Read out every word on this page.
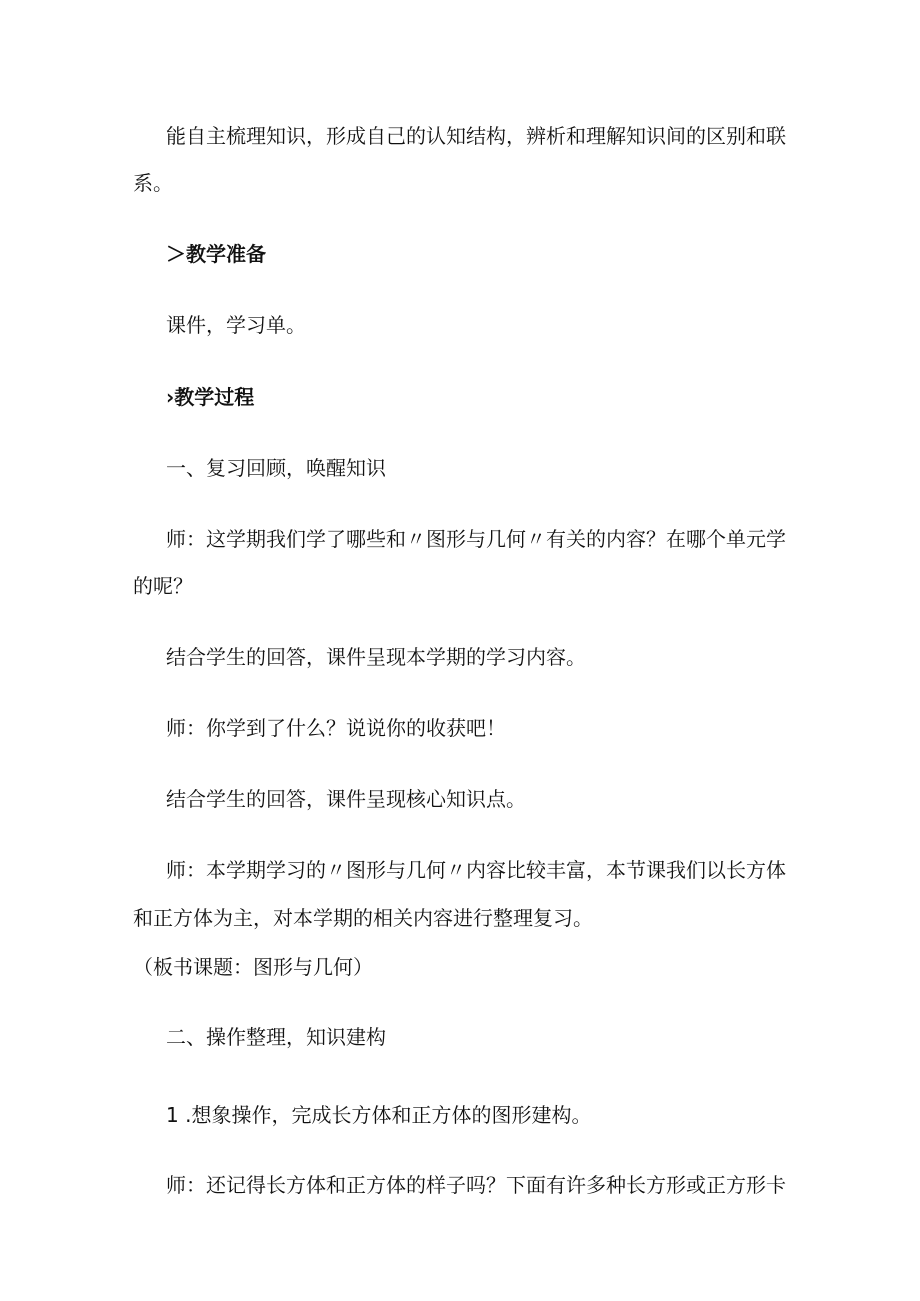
能自主梳理知识，形成自己的认知结构，辨析和理解知识间的区别和联
系。
＞教学准备
课件，学习单。
›教学过程
一、复习回顾，唤醒知识
师：这学期我们学了哪些和〃图形与几何〃有关的内容？在哪个单元学
的呢？
结合学生的回答，课件呈现本学期的学习内容。
师：你学到了什么？说说你的收获吧！
结合学生的回答，课件呈现核心知识点。
师：本学期学习的〃图形与几何〃内容比较丰富，本节课我们以长方体
和正方体为主，对本学期的相关内容进行整理复习。
（板书课题：图形与几何）
二、操作整理，知识建构
1 .想象操作，完成长方体和正方体的图形建构。
师：还记得长方体和正方体的样子吗？下面有许多种长方形或正方形卡
